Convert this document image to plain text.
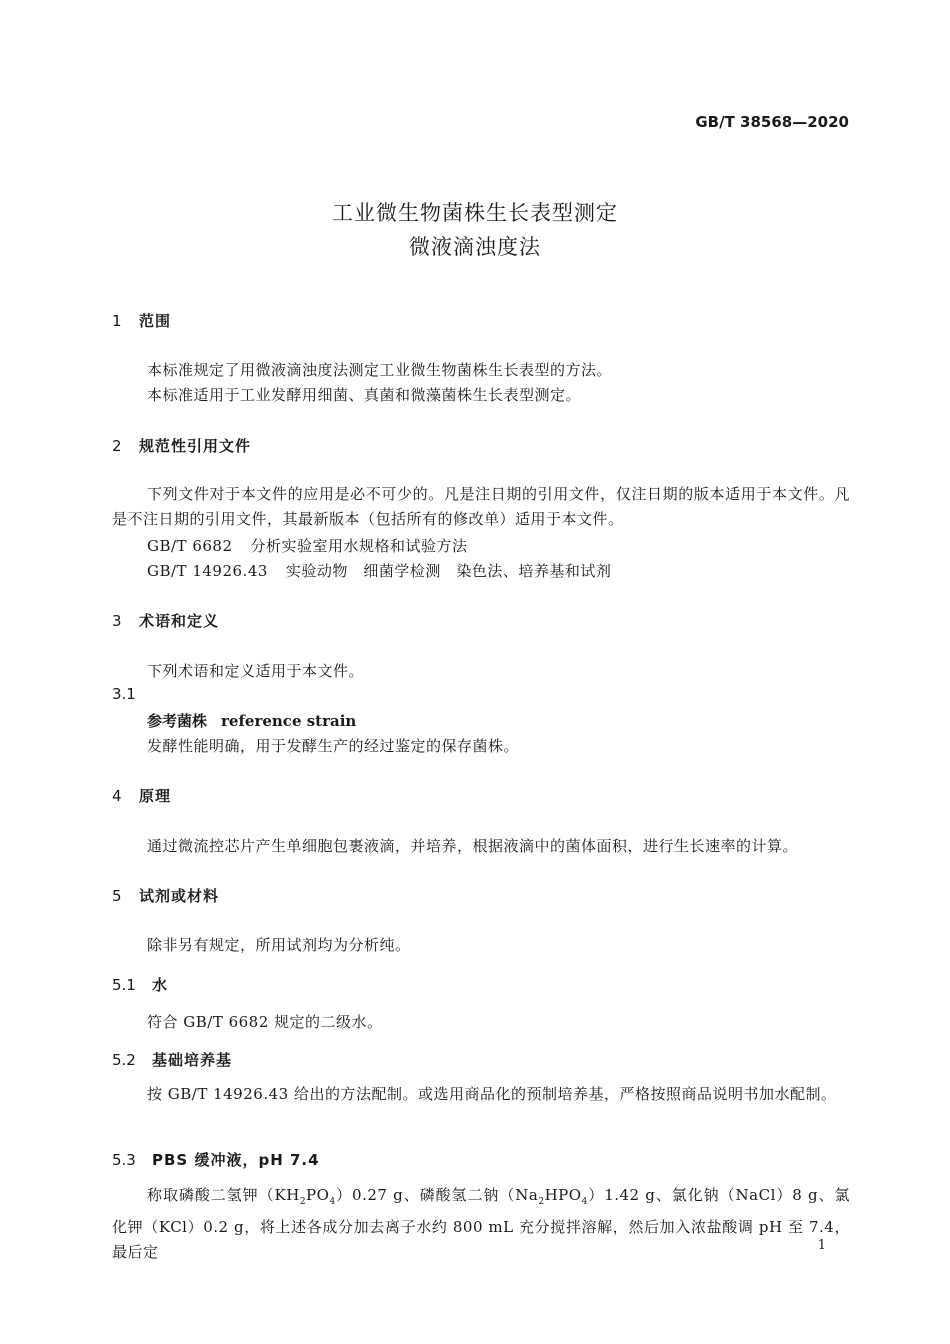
GB/T 38568—2020
工业微生物菌株生长表型测定
微液滴浊度法
1 范围
本标准规定了用微液滴浊度法测定工业微生物菌株生长表型的方法。
本标准适用于工业发酵用细菌、真菌和微藻菌株生长表型测定。
2 规范性引用文件
下列文件对于本文件的应用是必不可少的。凡是注日期的引用文件，仅注日期的版本适用于本文件。凡是不注日期的引用文件，其最新版本（包括所有的修改单）适用于本文件。
GB/T 6682 分析实验室用水规格和试验方法
GB/T 14926.43 实验动物　细菌学检测　染色法、培养基和试剂
3 术语和定义
下列术语和定义适用于本文件。
3.1
参考菌株 reference strain
发酵性能明确，用于发酵生产的经过鉴定的保存菌株。
4 原理
通过微流控芯片产生单细胞包裹液滴，并培养，根据液滴中的菌体面积，进行生长速率的计算。
5 试剂或材料
除非另有规定，所用试剂均为分析纯。
5.1 水
符合 GB/T 6682 规定的二级水。
5.2 基础培养基
按 GB/T 14926.43 给出的方法配制。或选用商品化的预制培养基，严格按照商品说明书加水配制。
5.3 PBS 缓冲液，pH 7.4
称取磷酸二氢钾$(KH_2PO_4)0.27$ g、磷酸氢二钠$(Na_2HPO_4)1.42$ g、氯化钠（NaCl）8 g、氯化钾（KCl）0.2 g，将上述各成分加去离子水约 800 mL 充分搅拌溶解，然后加入浓盐酸调 pH 至 7.4，最后定	1
